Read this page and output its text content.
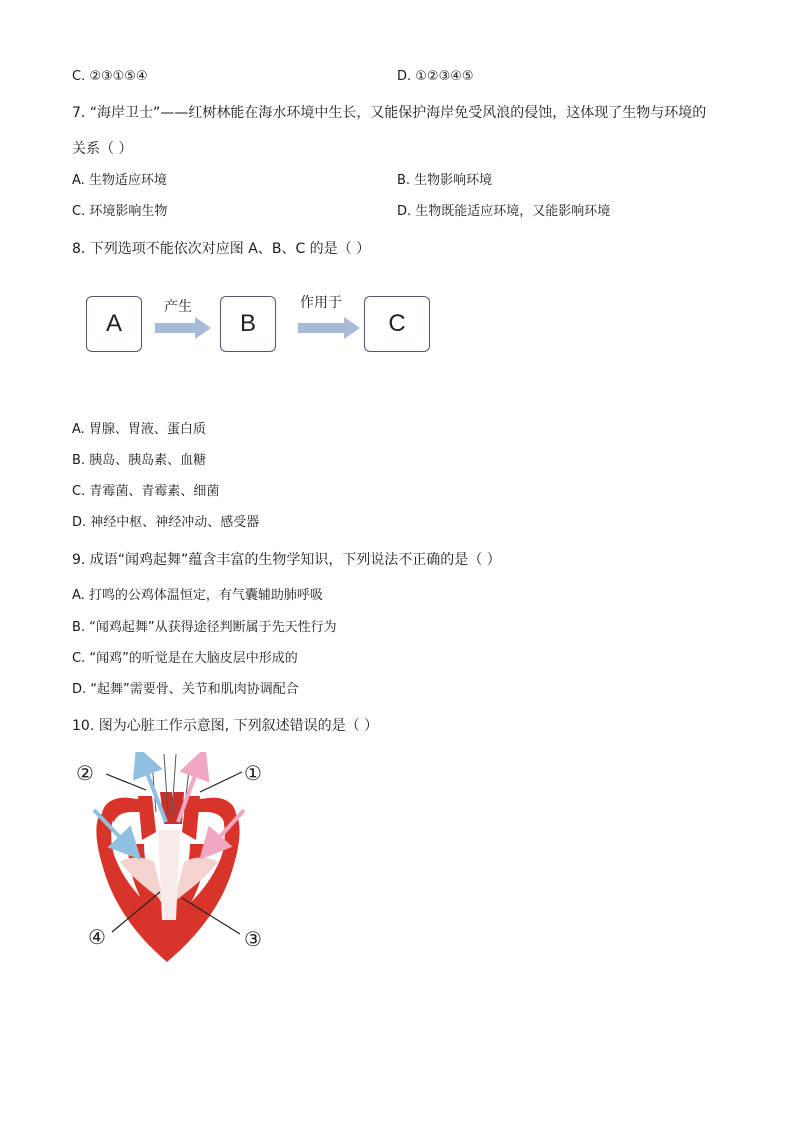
C. ②③①⑤④	D. ①②③④⑤
7. “海岸卫士”——红树林能在海水环境中生长，又能保护海岸免受风浪的侵蚀，这体现了生物与环境的
关系（ ）
A. 生物适应环境	B. 生物影响环境
C. 环境影响生物	D. 生物既能适应环境，又能影响环境
8. 下列选项不能依次对应图 A、B、C 的是（ ）
A
产生
B
作用于
C
A. 胃腺、胃液、蛋白质
B. 胰岛、胰岛素、血糖
C. 青霉菌、青霉素、细菌
D. 神经中枢、神经冲动、感受器
9. 成语“闻鸡起舞”蕴含丰富的生物学知识，下列说法不正确的是（ ）
A. 打鸣的公鸡体温恒定，有气囊辅助肺呼吸
B. “闻鸡起舞”从获得途径判断属于先天性行为
C. “闻鸡”的听觉是在大脑皮层中形成的
D. “起舞”需要骨、关节和肌肉协调配合
10. 图为心脏工作示意图, 下列叙述错误的是（ ）
②	①
④	③
